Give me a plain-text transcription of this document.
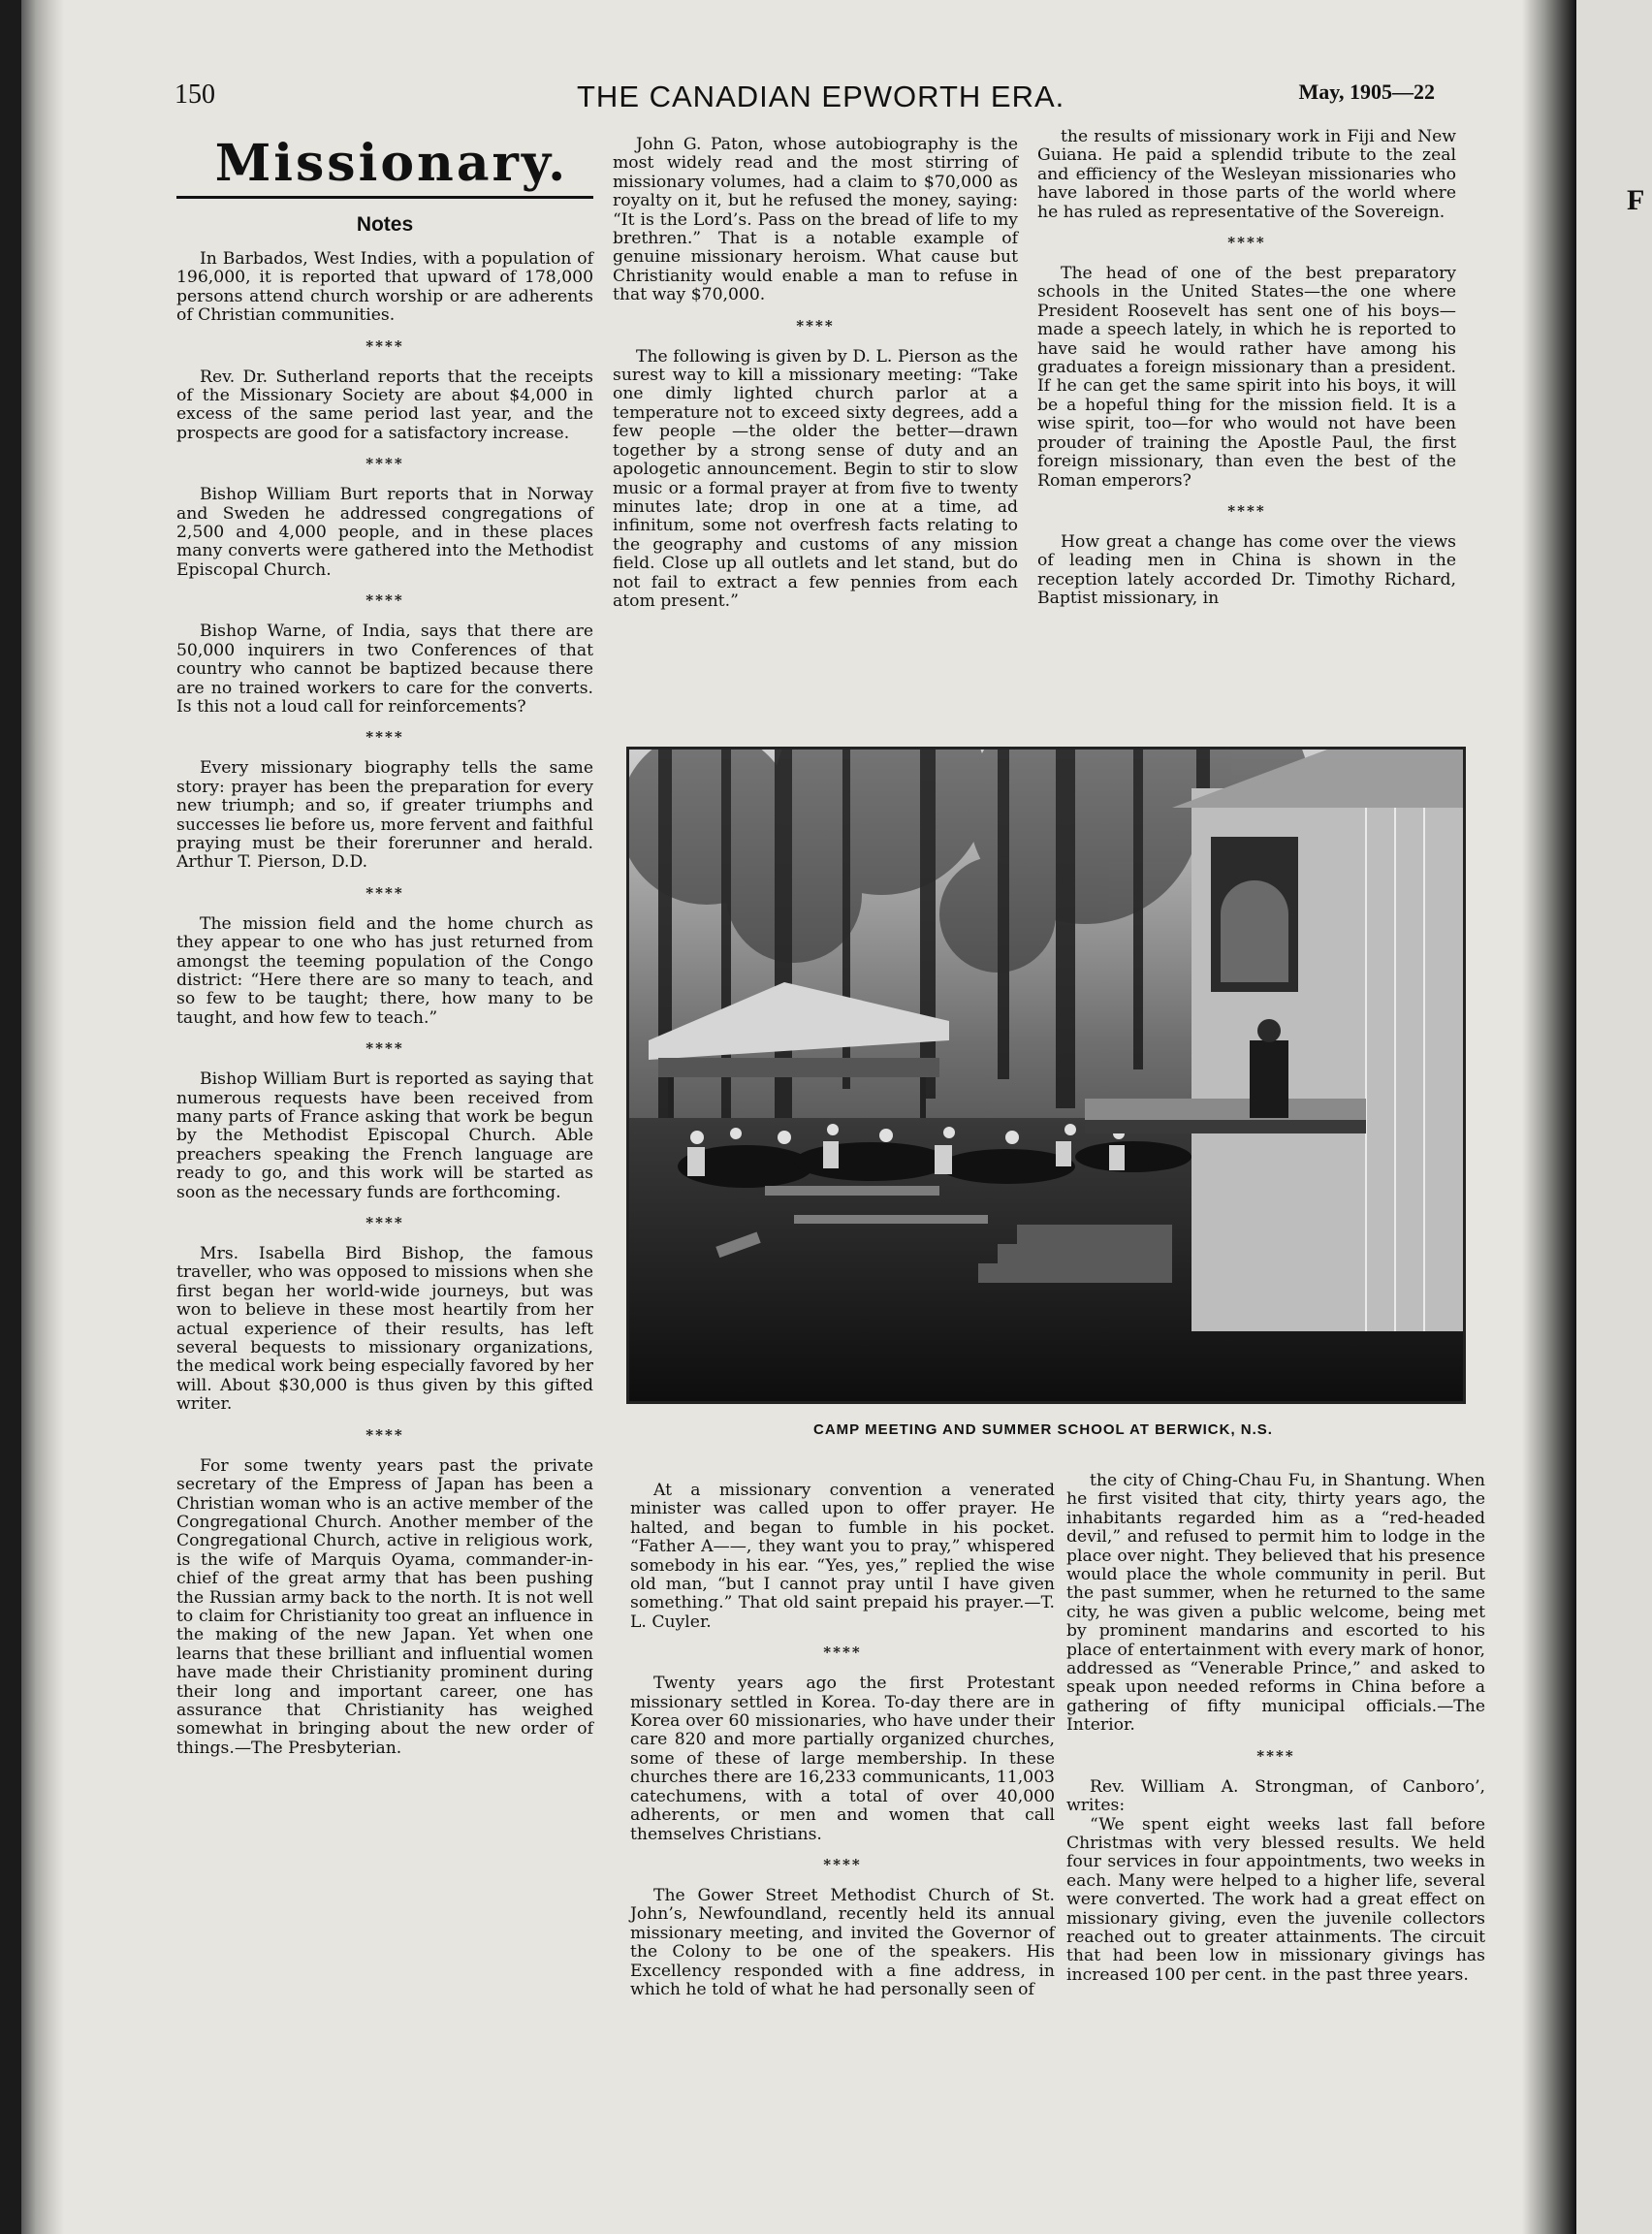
F
150	THE CANADIAN EPWORTH ERA.	May, 1905—22
Missionary.
Notes

In Barbados, West Indies, with a population of 196,000, it is reported that upward of 178,000 persons attend church worship or are adherents of Christian communities.

****

Rev. Dr. Sutherland reports that the receipts of the Missionary Society are about $4,000 in excess of the same period last year, and the prospects are good for a satisfactory increase.

****

Bishop William Burt reports that in Norway and Sweden he addressed congregations of 2,500 and 4,000 people, and in these places many converts were gathered into the Methodist Episcopal Church.

****

Bishop Warne, of India, says that there are 50,000 inquirers in two Conferences of that country who cannot be baptized because there are no trained workers to care for the converts. Is this not a loud call for reinforcements?

****

Every missionary biography tells the same story: prayer has been the preparation for every new triumph; and so, if greater triumphs and successes lie before us, more fervent and faithful praying must be their forerunner and herald. Arthur T. Pierson, D.D.

****

The mission field and the home church as they appear to one who has just returned from amongst the teeming population of the Congo district: “Here there are so many to teach, and so few to be taught; there, how many to be taught, and how few to teach.”

****

Bishop William Burt is reported as saying that numerous requests have been received from many parts of France asking that work be begun by the Methodist Episcopal Church. Able preachers speaking the French language are ready to go, and this work will be started as soon as the necessary funds are forthcoming.

****

Mrs. Isabella Bird Bishop, the famous traveller, who was opposed to missions when she first began her world-wide journeys, but was won to believe in these most heartily from her actual experience of their results, has left several bequests to missionary organizations, the medical work being especially favored by her will. About $30,000 is thus given by this gifted writer.

****

For some twenty years past the private secretary of the Empress of Japan has been a Christian woman who is an active member of the Congregational Church. Another member of the Congregational Church, active in religious work, is the wife of Marquis Oyama, commander-in-chief of the great army that has been pushing the Russian army back to the north. It is not well to claim for Christianity too great an influence in the making of the new Japan. Yet when one learns that these brilliant and influential women have made their Christianity prominent during their long and important career, one has assurance that Christianity has weighed somewhat in bringing about the new order of things.—The Presbyterian.

John G. Paton, whose autobiography is the most widely read and the most stirring of missionary volumes, had a claim to $70,000 as royalty on it, but he refused the money, saying: “It is the Lord’s. Pass on the bread of life to my brethren.” That is a notable example of genuine missionary heroism. What cause but Christianity would enable a man to refuse in that way $70,000.

****

The following is given by D. L. Pierson as the surest way to kill a missionary meeting: “Take one dimly lighted church parlor at a temperature not to exceed sixty degrees, add a few people —the older the better—drawn together by a strong sense of duty and an apologetic announcement. Begin to stir to slow music or a formal prayer at from five to twenty minutes late; drop in one at a time, ad infinitum, some not overfresh facts relating to the geography and customs of any mission field. Close up all outlets and let stand, but do not fail to extract a few pennies from each atom present.”

the results of missionary work in Fiji and New Guiana. He paid a splendid tribute to the zeal and efficiency of the Wesleyan missionaries who have labored in those parts of the world where he has ruled as representative of the Sovereign.

****

The head of one of the best preparatory schools in the United States—the one where President Roosevelt has sent one of his boys—made a speech lately, in which he is reported to have said he would rather have among his graduates a foreign missionary than a president. If he can get the same spirit into his boys, it will be a hopeful thing for the mission field. It is a wise spirit, too—for who would not have been prouder of training the Apostle Paul, the first foreign missionary, than even the best of the Roman emperors?

****

How great a change has come over the views of leading men in China is shown in the reception lately accorded Dr. Timothy Richard, Baptist missionary, in

CAMP MEETING AND SUMMER SCHOOL AT BERWICK, N.S.

At a missionary convention a venerated minister was called upon to offer prayer. He halted, and began to fumble in his pocket. “Father A——, they want you to pray,” whispered somebody in his ear. “Yes, yes,” replied the wise old man, “but I cannot pray until I have given something.” That old saint prepaid his prayer.—T. L. Cuyler.

****

Twenty years ago the first Protestant missionary settled in Korea. To-day there are in Korea over 60 missionaries, who have under their care 820 and more partially organized churches, some of these of large membership. In these churches there are 16,233 communicants, 11,003 catechumens, with a total of over 40,000 adherents, or men and women that call themselves Christians.

****

The Gower Street Methodist Church of St. John’s, Newfoundland, recently held its annual missionary meeting, and invited the Governor of the Colony to be one of the speakers. His Excellency responded with a fine address, in which he told of what he had personally seen of

the city of Ching-Chau Fu, in Shantung. When he first visited that city, thirty years ago, the inhabitants regarded him as a “red-headed devil,” and refused to permit him to lodge in the place over night. They believed that his presence would place the whole community in peril. But the past summer, when he returned to the same city, he was given a public welcome, being met by prominent mandarins and escorted to his place of entertainment with every mark of honor, addressed as “Venerable Prince,” and asked to speak upon needed reforms in China before a gathering of fifty municipal officials.—The Interior.

****

Rev. William A. Strongman, of Canboro’, writes:

“We spent eight weeks last fall before Christmas with very blessed results. We held four services in four appointments, two weeks in each. Many were helped to a higher life, several were converted. The work had a great effect on missionary giving, even the juvenile collectors reached out to greater attainments. The circuit that had been low in missionary givings has increased 100 per cent. in the past three years.
